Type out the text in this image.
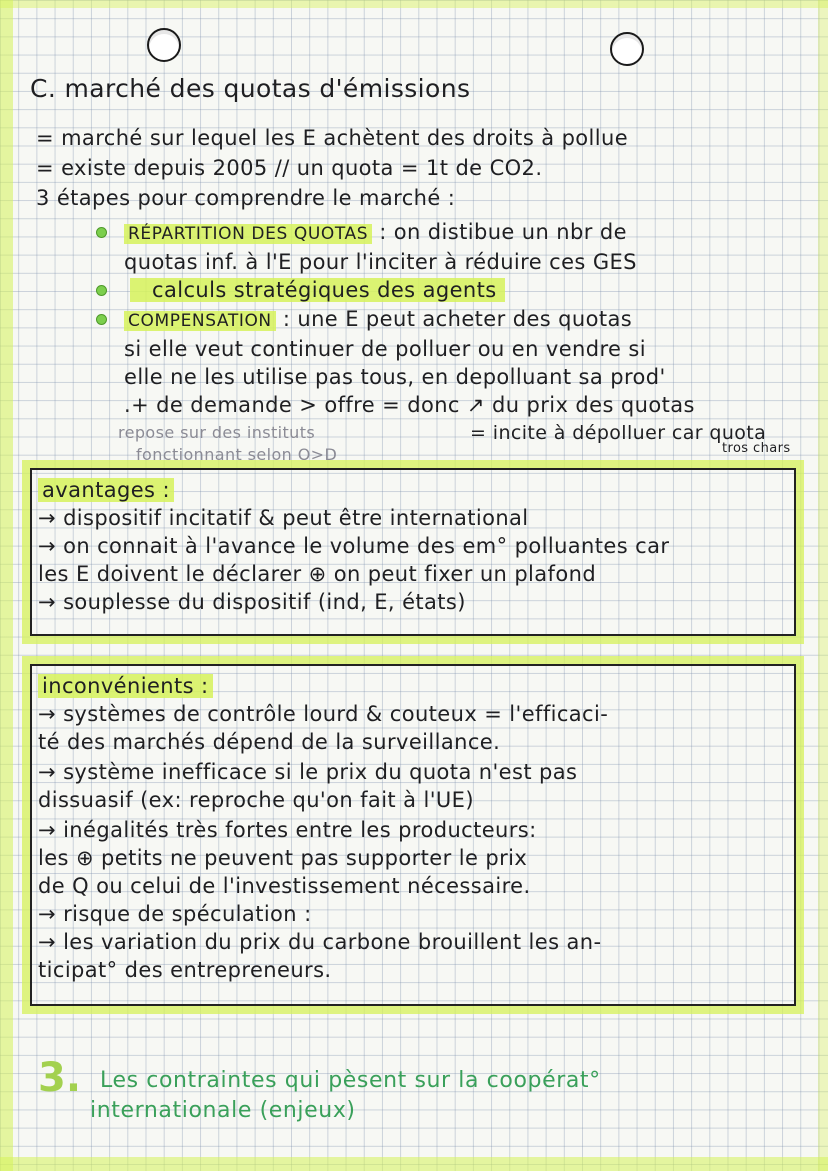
C. marché des quotas d'émissions
= marché sur lequel les E achètent des droits à pollue
= existe depuis 2005 // un quota = 1t de CO2.
3 étapes pour comprendre le marché :
RÉPARTITION DES QUOTAS : on distibue un nbr de
quotas inf. à l'E pour l'inciter à réduire ces GES
calculs stratégiques des agents
COMPENSATION : une E peut acheter des quotas
si elle veut continuer de polluer ou en vendre si
elle ne les utilise pas tous, en depolluant sa prod'
.+ de demande > offre = donc ↗ du prix des quotas
repose sur des instituts
fonctionnant selon O>D
= incite à dépolluer car quota
tros chars
avantages :
→ dispositif incitatif & peut être international
→ on connait à l'avance le volume des em° polluantes car
les E doivent le déclarer ⊕ on peut fixer un plafond
→ souplesse du dispositif (ind, E, états)
inconvénients :
→ systèmes de contrôle lourd & couteux = l'efficaci-
té des marchés dépend de la surveillance.
→ système inefficace si le prix du quota n'est pas
dissuasif (ex: reproche qu'on fait à l'UE)
→ inégalités très fortes entre les producteurs:
les ⊕ petits ne peuvent pas supporter le prix
de Q ou celui de l'investissement nécessaire.
→ risque de spéculation :
→ les variation du prix du carbone brouillent les an-
ticipat° des entrepreneurs.
3. Les contraintes qui pèsent sur la coopérat°
internationale (enjeux)
